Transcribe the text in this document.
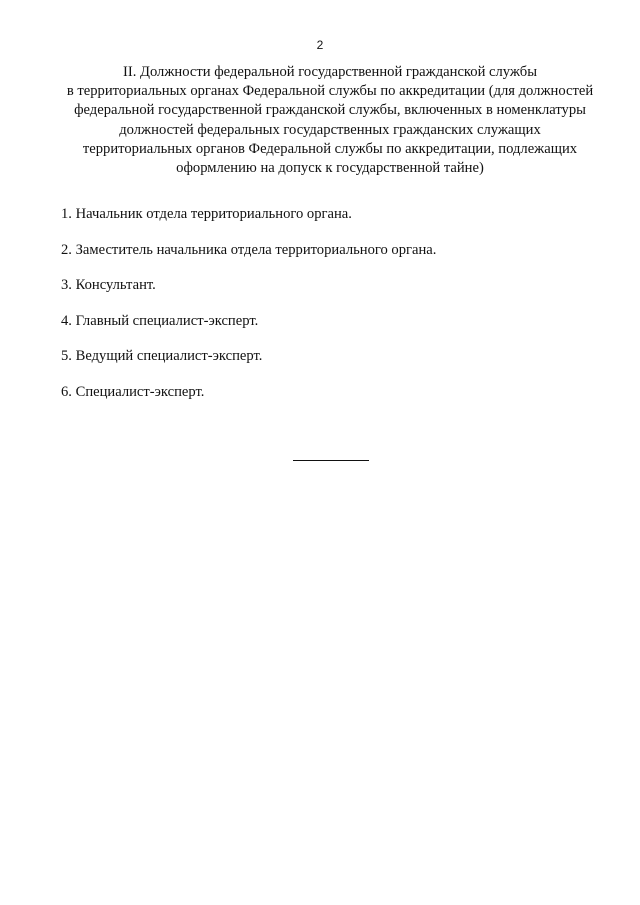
2
II. Должности федеральной государственной гражданской службы
в территориальных органах Федеральной службы по аккредитации (для должностей
федеральной государственной гражданской службы, включенных в номенклатуры
должностей федеральных государственных гражданских служащих
территориальных органов Федеральной службы по аккредитации, подлежащих
оформлению на допуск к государственной тайне)
1. Начальник отдела территориального органа.
2. Заместитель начальника отдела территориального органа.
3. Консультант.
4. Главный специалист-эксперт.
5. Ведущий специалист-эксперт.
6. Специалист-эксперт.
